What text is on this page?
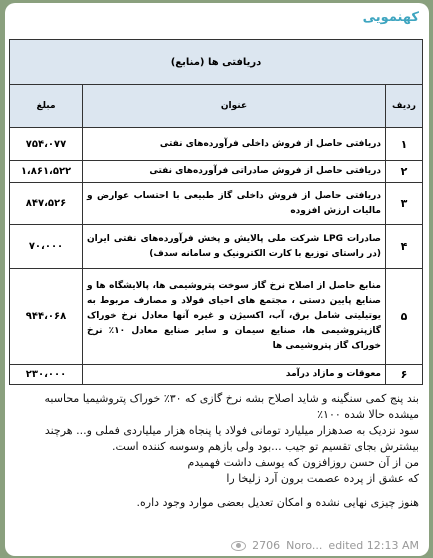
کهنمویی
دریافتی ها (منابع)		
ردیف	عنوان	مبلغ
۱	دریافتی حاصل از فروش داخلی فرآورده‌های نفتی	۷۵۴،۰۷۷
۲	دریافتی حاصل از فروش صادراتی فرآورده‌های نفتی	۱،۸۶۱،۵۲۲
۳	دریافتی حاصل از فروش داخلی گاز طبیعی با احتساب عوارض و مالیات ارزش افزوده	۸۴۷،۵۲۶
۴	صادرات LPG شرکت ملی پالایش و پخش فرآورده‌های نفتی ایران (در راستای توزیع با کارت الکترونیک و سامانه سدف)	۷۰،۰۰۰
۵	منابع حاصل از اصلاح نرخ گاز سوخت پتروشیمی ها، پالایشگاه ها و صنایع پایین دستی ، مجتمع های احیای فولاد و مصارف مربوط به یوتیلیتی شامل برق، آب، اکسیژن و غیره آنها معادل نرخ خوراک گازپتروشیمی ها، صنایع سیمان و سایر صنایع معادل ۱۰٪ نرخ خوراک گاز پتروشیمی ها	۹۴۴،۰۶۸
۶	معوقات و مازاد درآمد	۲۳۰،۰۰۰

بند پنج کمی سنگینه و شاید اصلاح بشه نرخ گازی که ۳۰٪ خوراک پتروشیمیا محاسبه میشده حالا شده ۱۰۰٪

سود نزدیک به صدهزار میلیارد تومانی فولاد یا پنجاه هزار میلیاردی فملی و... هرچند بیشترش بجای تقسیم تو جیب ...بود ولی بازهم وسوسه کننده است.

من از آن حسن روزافزون که یوسف داشت فهمیدم

که عشق از پرده عصمت برون آرد زلیخا را

هنوز چیزی نهایی نشده و امکان تعدیل بعضی موارد وجود داره.

2706 Noro... edited 12:13 AM
